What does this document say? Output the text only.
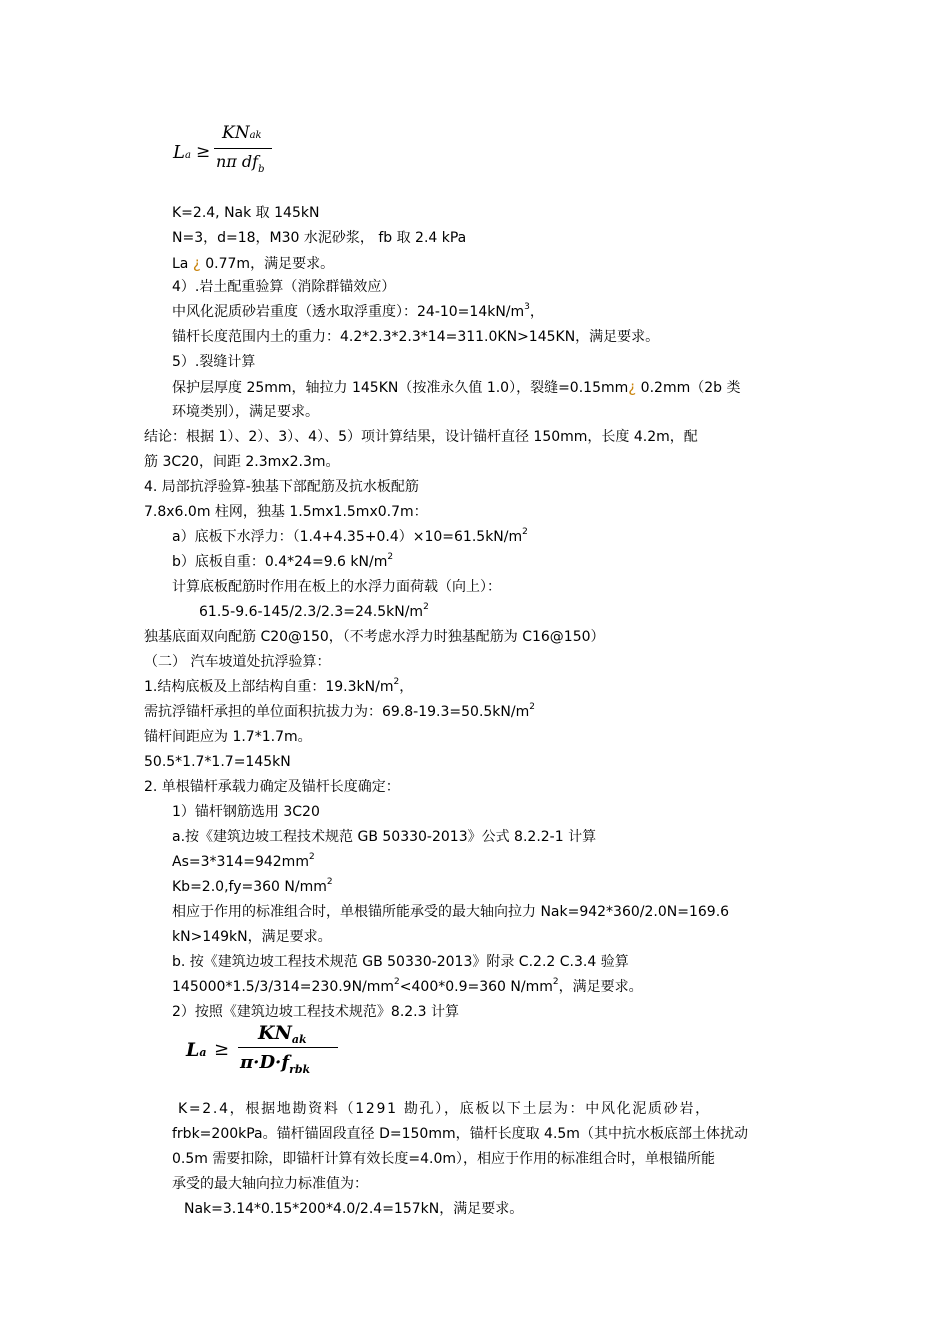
La ≥
KNak
nπ $df_b$
K=2.4, Nak 取 145kN
N=3，d=18，M30 水泥砂浆， fb 取 2.4 kPa
La ¿ 0.77m，满足要求。
4）.岩土配重验算（消除群锚效应）
中风化泥质砂岩重度（透水取浮重度）：$24-10=14kN/m^3$，
锚杆长度范围内土的重力：4.2*2.3*2.3*14=311.0KN>145KN，满足要求。
5）.裂缝计算
保护层厚度 25mm，轴拉力 145KN（按准永久值 1.0），裂缝=0.15mm¿ 0.2mm（2b 类
环境类别），满足要求。
结论：根据 1）、2）、3）、4）、5）项计算结果，设计锚杆直径 150mm，长度 4.2m，配
筋 3C20，间距 2.3mx2.3m。
4. 局部抗浮验算-独基下部配筋及抗水板配筋
7.8x6.0m 柱网，独基 1.5mx1.5mx0.7m：
a）底板下水浮力：$(1.4+4.35+0.4)\times 10=61.5kN/m^2$
b）底板自重：0.4*24=9.6 $kN/m^2$
计算底板配筋时作用在板上的水浮力面荷载（向上）：
$61.5-9.6-145/2.3/2.3=24.5kN/m^2$
独基底面双向配筋 C20@150，（不考虑水浮力时独基配筋为 C16@150）
（二） 汽车坡道处抗浮验算：
1.结构底板及上部结构自重：$19.3kN/m^2$，
需抗浮锚杆承担的单位面积抗拔力为：$69.8-19.3=50.5kN/m^2$
锚杆间距应为 1.7*1.7m。
50.5*1.7*1.7=145kN
2. 单根锚杆承载力确定及锚杆长度确定：
1）锚杆钢筋选用 3C20
a.按《建筑边坡工程技术规范 GB 50330-2013》公式 8.2.2-1 计算
$As=3*314=942mm^2$
Kb=2.0,fy=360 $N/mm^2$
相应于作用的标准组合时，单根锚所能承受的最大轴向拉力 Nak=942*360/2.0N=169.6
kN>149kN，满足要求。
b. 按《建筑边坡工程技术规范 GB 50330-2013》附录 C.2.2 C.3.4 验算
$145000*1.5/3/314=230.9N/mm^2<400*0.9=360$ $N/mm^2$，满足要求。
2）按照《建筑边坡工程技术规范》8.2.3 计算
La ≥
$KN_{ak}$
$\pi\cdot D\cdot f_{rbk}$
K=2.4，根据地勘资料（1291 勘孔），底板以下土层为：中风化泥质砂岩，
frbk=200kPa。锚杆锚固段直径 D=150mm，锚杆长度取 4.5m（其中抗水板底部土体扰动
0.5m 需要扣除，即锚杆计算有效长度=4.0m），相应于作用的标准组合时，单根锚所能
承受的最大轴向拉力标准值为：
Nak=3.14*0.15*200*4.0/2.4=157kN，满足要求。
